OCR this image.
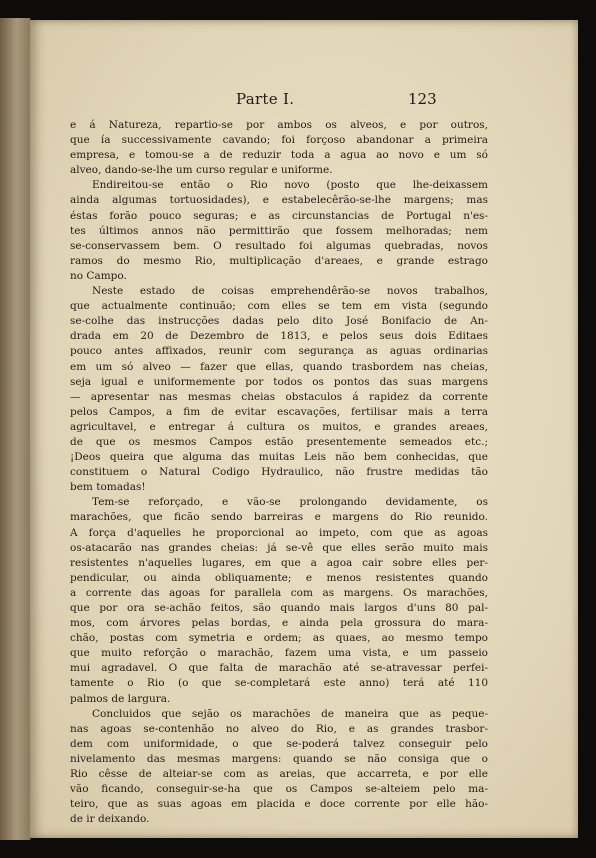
Parte I.	123
e á Natureza, repartio-se por ambos os alveos, e por outros,
que ía successivamente cavando; foi forçoso abandonar a primeira
empresa, e tomou-se a de reduzir toda a agua ao novo e um só
alveo, dando-se-lhe um curso regular e uniforme.
Endireitou-se então o Rio novo (posto que lhe-deixassem
ainda algumas tortuosidades), e estabelecêrão-se-lhe margens; mas
éstas forão pouco seguras; e as circunstancias de Portugal n'es-
tes últimos annos não permittirão que fossem melhoradas; nem
se-conservassem bem. O resultado foi algumas quebradas, novos
ramos do mesmo Rio, multiplicação d'areaes, e grande estrago
no Campo.
Neste estado de coisas emprehendêrão-se novos trabalhos,
que actualmente continuão; com elles se tem em vista (segundo
se-colhe das instrucções dadas pelo dito José Bonifacio de An-
drada em 20 de Dezembro de 1813, e pelos seus dois Editaes
pouco antes affixados, reunir com segurança as aguas ordinarias
em um só alveo — fazer que ellas, quando trasbordem nas cheias,
seja igual e uniformemente por todos os pontos das suas margens
— apresentar nas mesmas cheias obstaculos á rapidez da corrente
pelos Campos, a fim de evitar escavações, fertilisar mais a terra
agricultavel, e entregar á cultura os muitos, e grandes areaes,
de que os mesmos Campos estão presentemente semeados etc.;
¡Deos queira que alguma das muitas Leis não bem conhecidas, que
constituem o Natural Codigo Hydraulico, não frustre medidas tão
bem tomadas!
Tem-se reforçado, e vão-se prolongando devidamente, os
marachões, que ficão sendo barreiras e margens do Rio reunido.
A força d'aquelles he proporcional ao impeto, com que as agoas
os-atacarão nas grandes cheias: já se-vê que elles serão muito mais
resistentes n'aquelles lugares, em que a agoa cair sobre elles per-
pendicular, ou ainda obliquamente; e menos resistentes quando
a corrente das agoas for parallela com as margens. Os marachões,
que por ora se-achão feitos, são quando mais largos d'uns 80 pal-
mos, com árvores pelas bordas, e ainda pela grossura do mara-
chão, postas com symetria e ordem; as quaes, ao mesmo tempo
que muito reforção o marachão, fazem uma vista, e um passeio
mui agradavel. O que falta de marachão até se-atravessar perfei-
tamente o Rio (o que se-completará este anno) terá até 110
palmos de largura.
Concluidos que sejão os marachões de maneira que as peque-
nas agoas se-contenhão no alveo do Rio, e as grandes trasbor-
dem com uniformidade, o que se-poderá talvez conseguir pelo
nivelamento das mesmas margens: quando se não consiga que o
Rio cêsse de alteiar-se com as areias, que accarreta, e por elle
vão ficando, conseguir-se-ha que os Campos se-alteiem pelo ma-
teiro, que as suas agoas em placida e doce corrente por elle hão-
de ir deixando.
